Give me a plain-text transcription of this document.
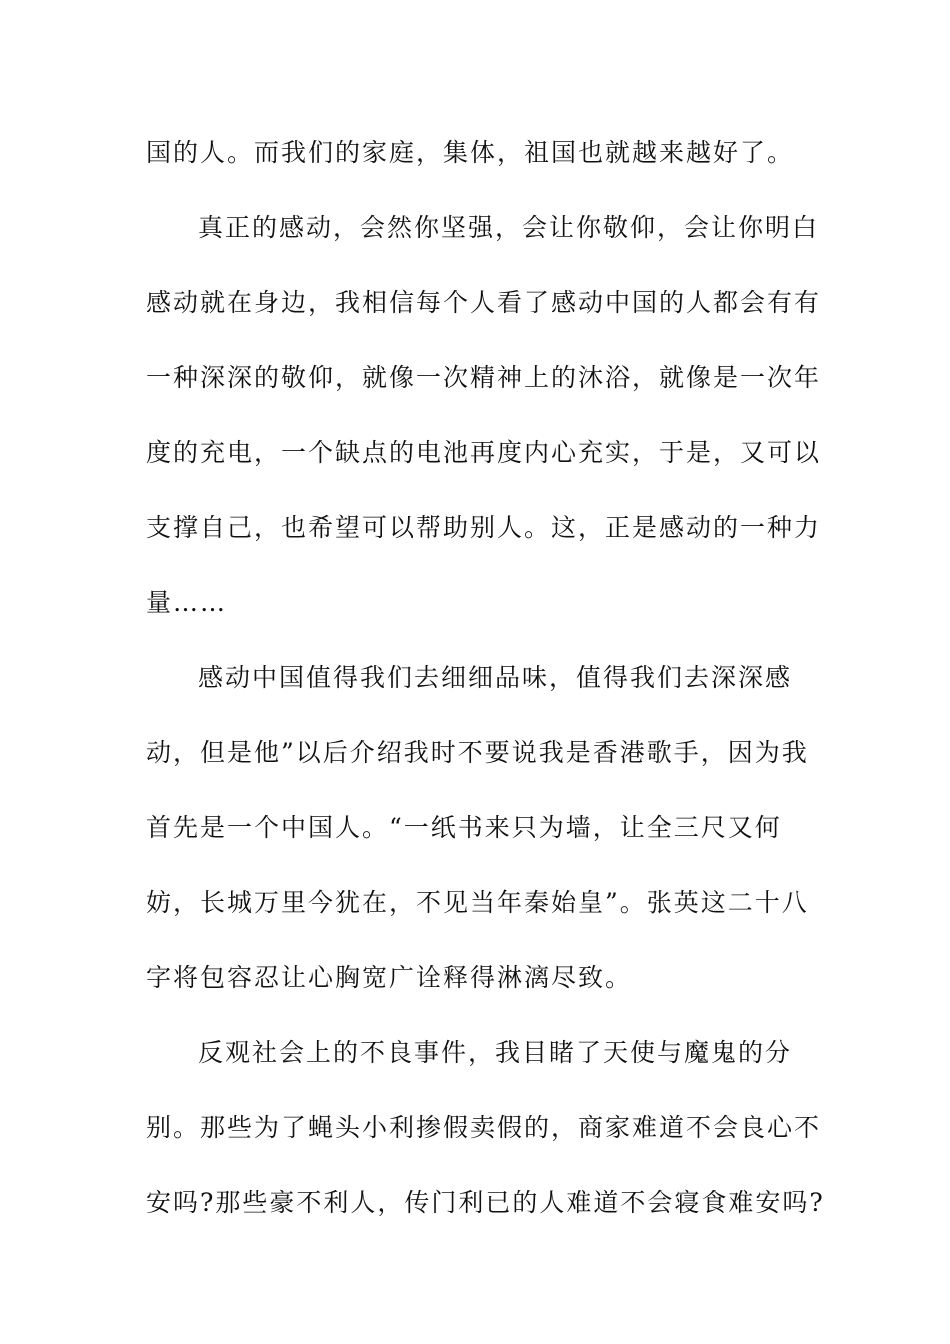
国的人。而我们的家庭，集体，祖国也就越来越好了。
真正的感动，会然你坚强，会让你敬仰，会让你明白
感动就在身边，我相信每个人看了感动中国的人都会有有
一种深深的敬仰，就像一次精神上的沐浴，就像是一次年
度的充电，一个缺点的电池再度内心充实，于是，又可以
支撑自己，也希望可以帮助别人。这，正是感动的一种力
量……
感动中国值得我们去细细品味，值得我们去深深感
动，但是他”以后介绍我时不要说我是香港歌手，因为我
首先是一个中国人。“一纸书来只为墙，让全三尺又何
妨，长城万里今犹在，不见当年秦始皇”。张英这二十八
字将包容忍让心胸宽广诠释得淋漓尽致。
反观社会上的不良事件，我目睹了天使与魔鬼的分
别。那些为了蝇头小利掺假卖假的，商家难道不会良心不
安吗?那些豪不利人，传门利已的人难道不会寝食难安吗?
